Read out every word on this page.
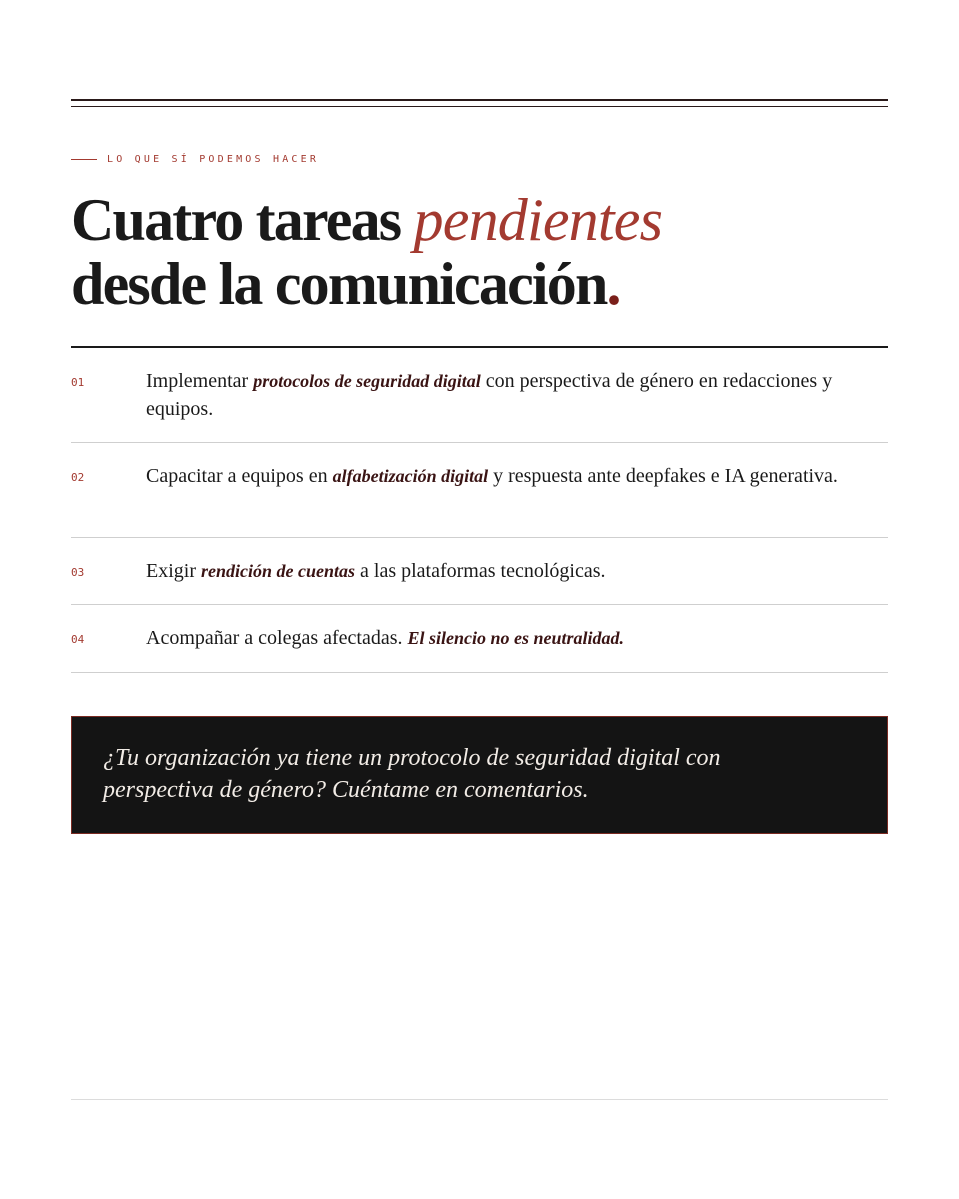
LO QUE SÍ PODEMOS HACER
Cuatro tareas pendientes
desde la comunicación.
01	Implementar protocolos de seguridad digital con perspectiva de género en redacciones y equipos.
02	Capacitar a equipos en alfabetización digital y respuesta ante deepfakes e IA generativa.
03	Exigir rendición de cuentas a las plataformas tecnológicas.
04	Acompañar a colegas afectadas. El silencio no es neutralidad.
¿Tu organización ya tiene un protocolo de seguridad digital con perspectiva de género? Cuéntame en comentarios.
